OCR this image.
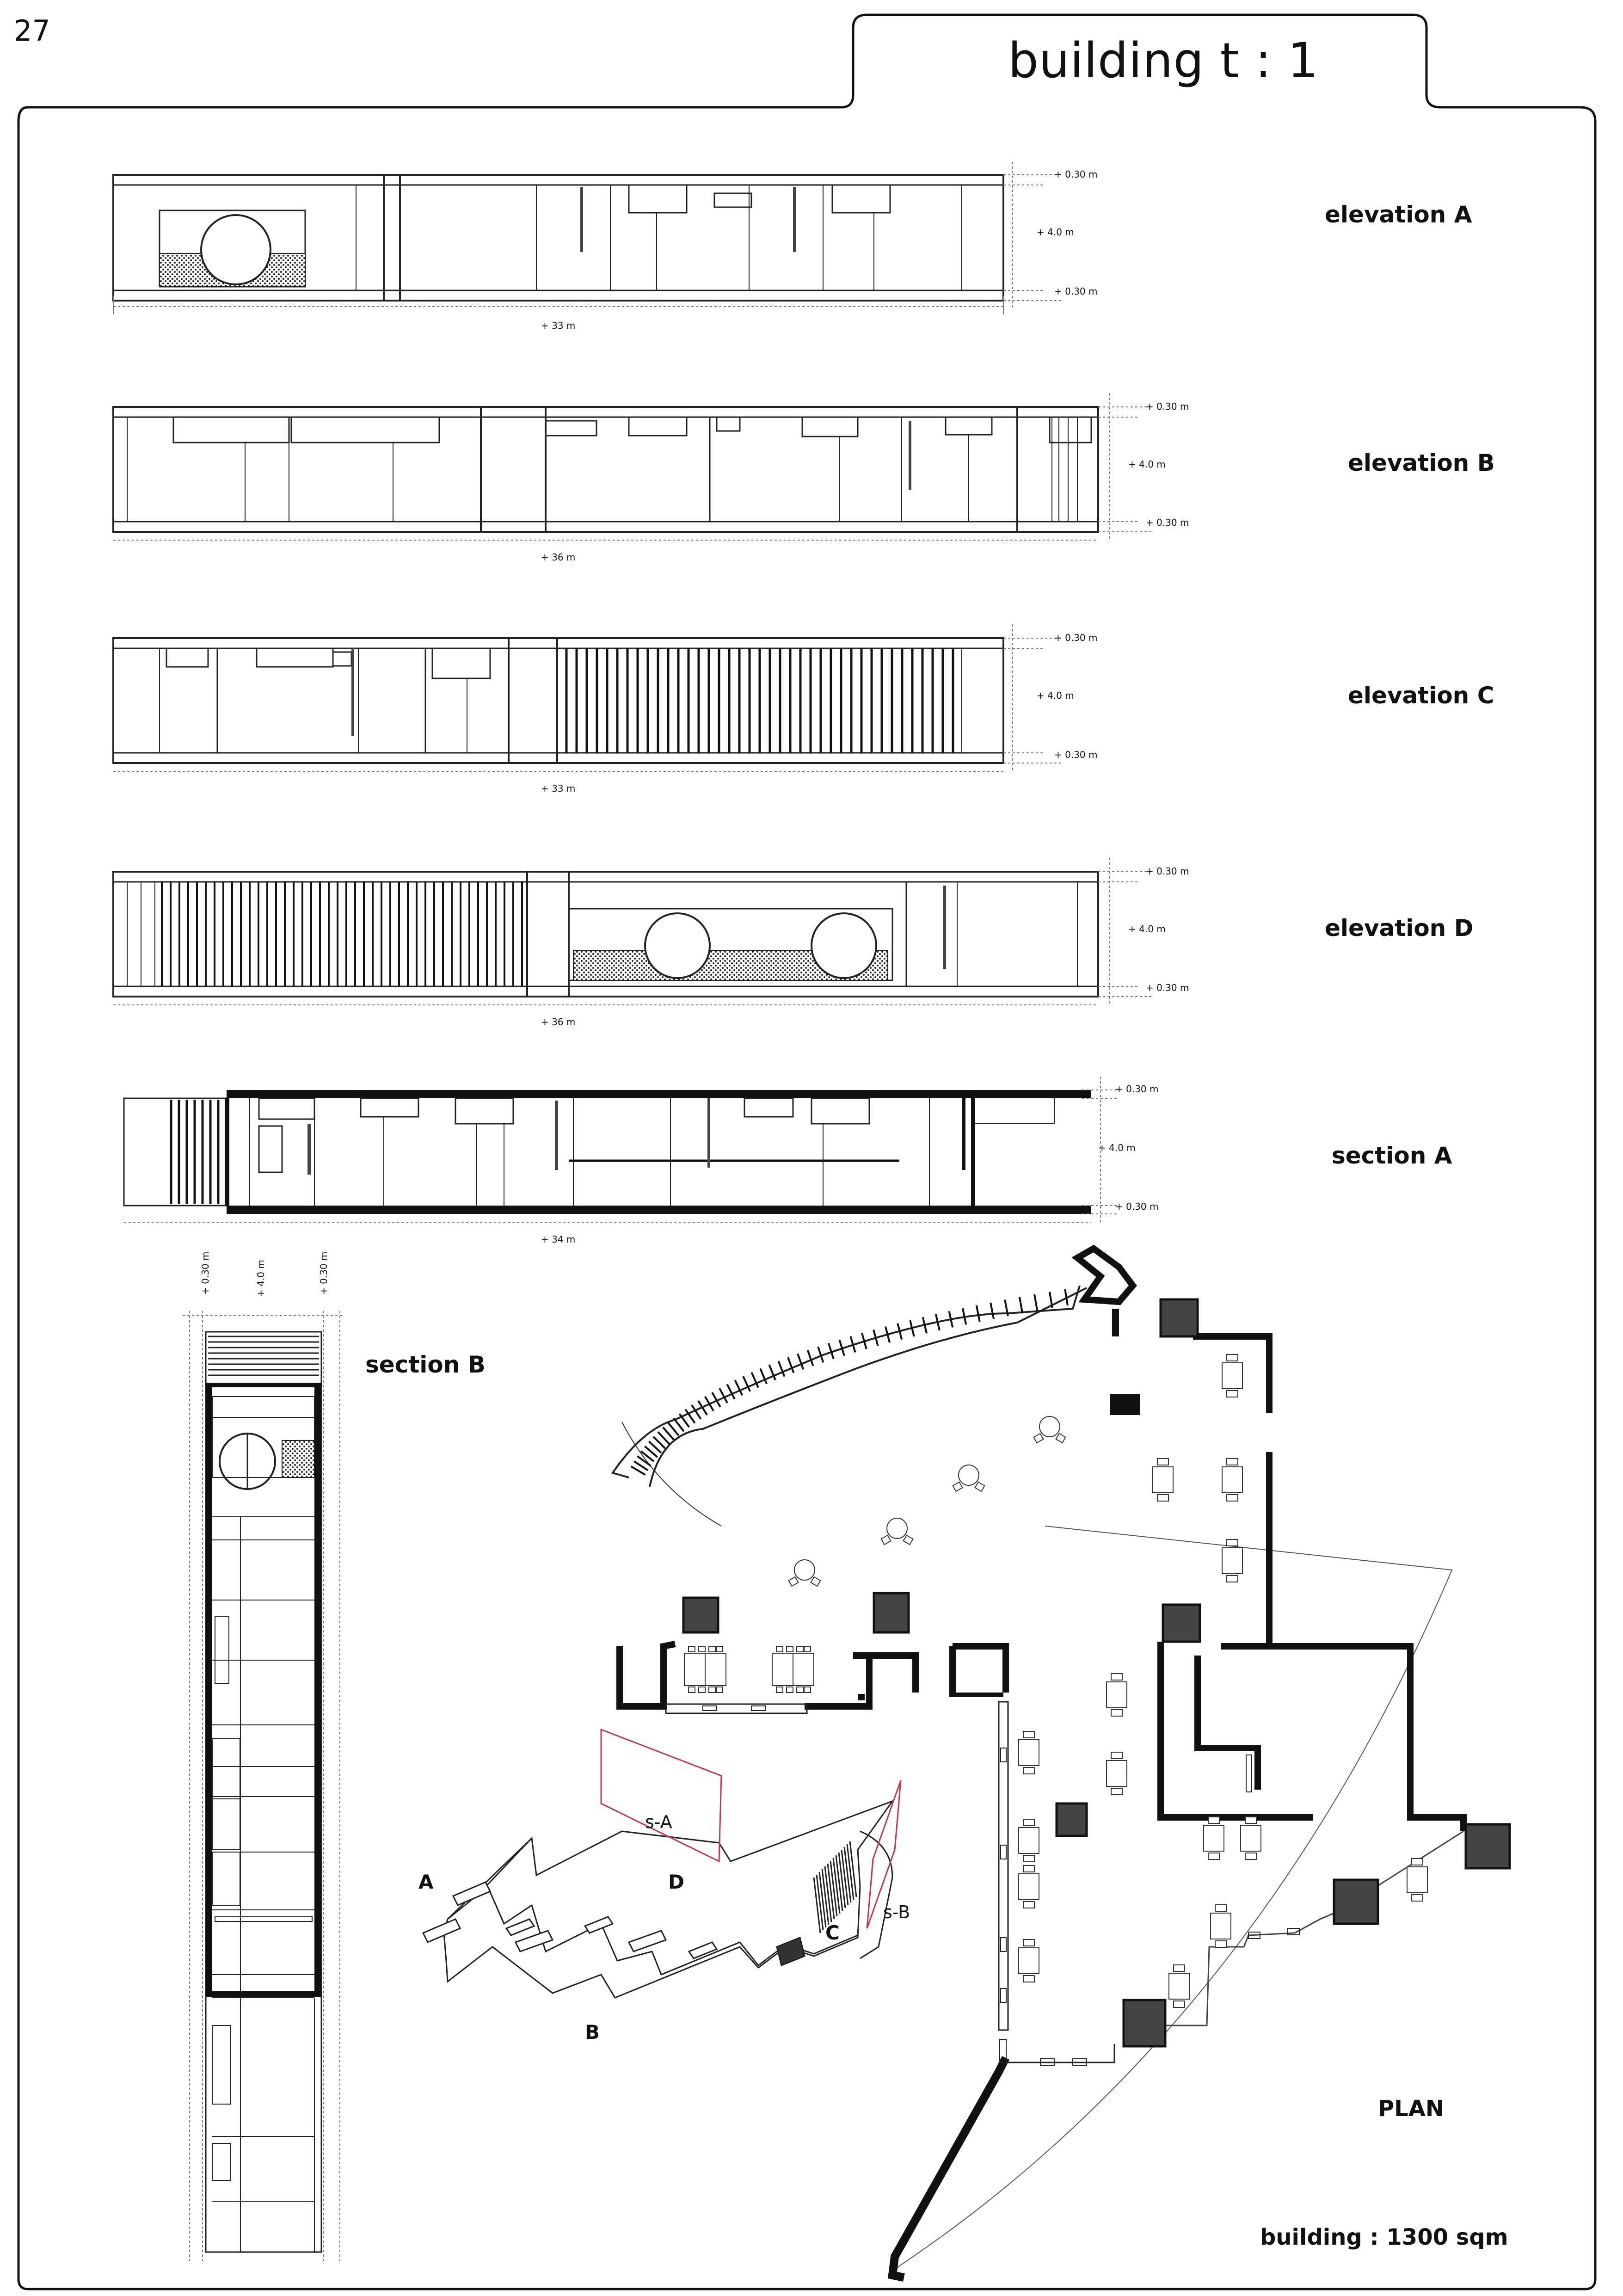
27
building t : 1
elevation A
elevation B
elevation C
elevation D
section A
section B
+ 0.30 m
+ 4.0 m
+ 0.30 m
+ 33 m
+ 0.30 m
+ 4.0 m
+ 0.30 m
+ 36 m
+ 0.30 m
+ 4.0 m
+ 0.30 m
+ 33 m
+ 0.30 m
+ 4.0 m
+ 0.30 m
+ 36 m
+ 0.30 m
+ 4.0 m
+ 0.30 m
+ 34 m
+ 0.30 m	+ 4.0 m	+ 0.30 m
A
B
C
D
s-A
s-B
PLAN
building : 1300 sqm
